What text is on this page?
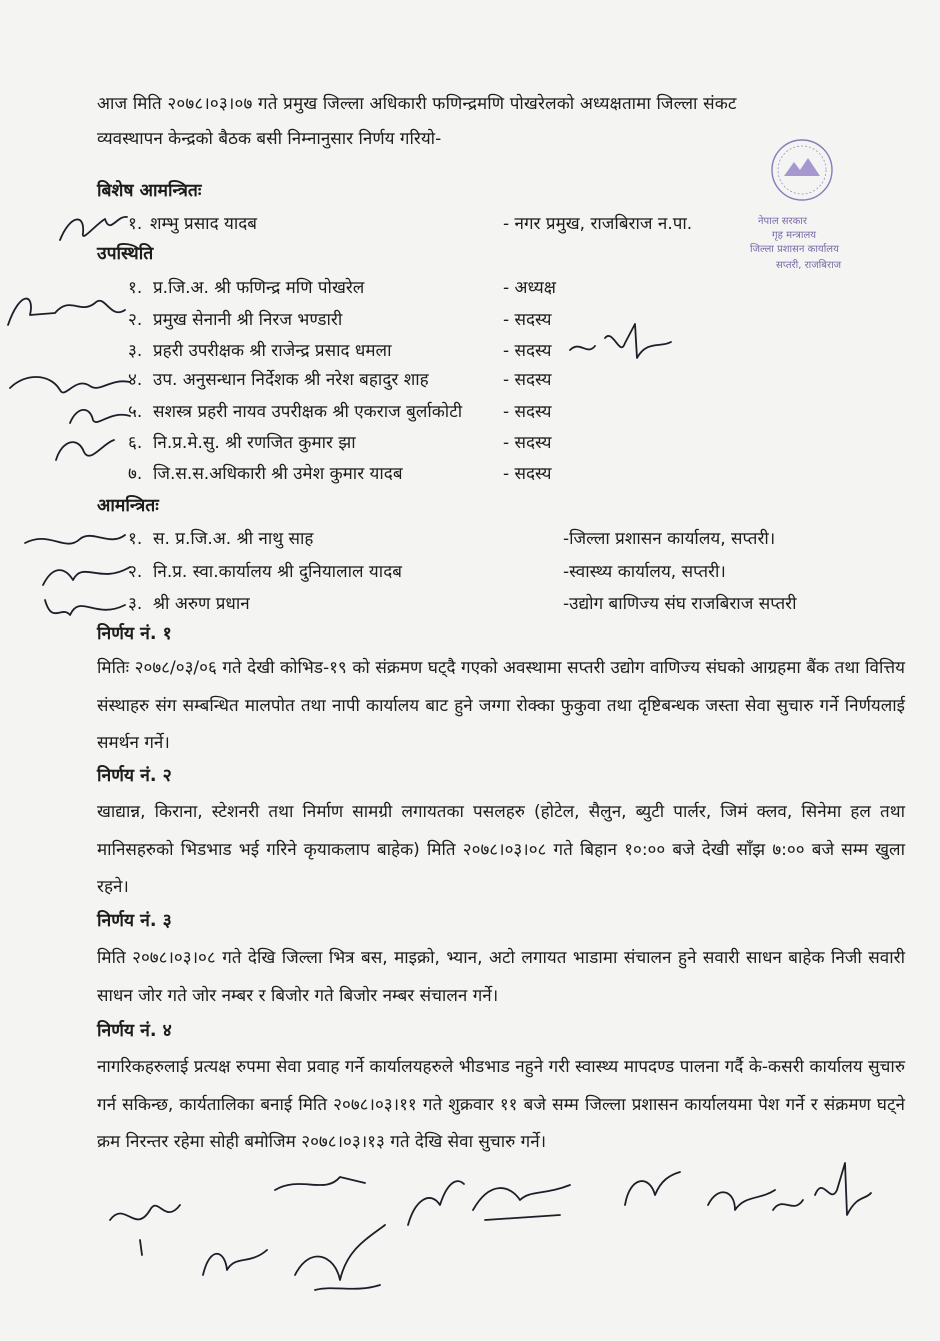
आज मिति २०७८।०३।०७ गते प्रमुख जिल्ला अधिकारी फणिन्द्रमणि पोखरेलको अध्यक्षतामा जिल्ला संकट
व्यवस्थापन केन्द्रको बैठक बसी निम्नानुसार निर्णय गरियो-
नेपाल सरकार
गृह मन्त्रालय
जिल्ला प्रशासन कार्यालय
सप्तरी, राजबिराज
बिशेष आमन्त्रितः
१. शम्भु प्रसाद यादब	- नगर प्रमुख, राजबिराज न.पा.
उपस्थिति
१. प्र.जि.अ. श्री फणिन्द्र मणि पोखरेल	- अध्यक्ष
२. प्रमुख सेनानी श्री निरज भण्डारी	- सदस्य
३. प्रहरी उपरीक्षक श्री राजेन्द्र प्रसाद धमला	- सदस्य
४. उप. अनुसन्धान निर्देशक श्री नरेश बहादुर शाह	- सदस्य
५. सशस्त्र प्रहरी नायव उपरीक्षक श्री एकराज बुर्लाकोटी - सदस्य
६. नि.प्र.मे.सु. श्री रणजित कुमार झा	- सदस्य
७. जि.स.स.अधिकारी श्री उमेश कुमार यादब	- सदस्य
आमन्त्रितः
१. स. प्र.जि.अ. श्री नाथु साह	-जिल्ला प्रशासन कार्यालय, सप्तरी।
२. नि.प्र. स्वा.कार्यालय श्री दुनियालाल यादब	-स्वास्थ्य कार्यालय, सप्तरी।
३. श्री अरुण प्रधान	-उद्योग बाणिज्य संघ राजबिराज सप्तरी
निर्णय नं. १
मितिः २०७८/०३/०६ गते देखी कोभिड-१९ को संक्रमण घट्दै गएको अवस्थामा सप्तरी उद्योग वाणिज्य संघको आग्रहमा बैंक तथा वित्तिय संस्थाहरु संग सम्बन्धित मालपोत तथा नापी कार्यालय बाट हुने जग्गा रोक्का फुकुवा तथा दृष्टिबन्धक जस्ता सेवा सुचारु गर्ने निर्णयलाई समर्थन गर्ने।
निर्णय नं. २
खाद्यान्न, किराना, स्टेशनरी तथा निर्माण सामग्री लगायतका पसलहरु (होटेल, सैलुन, ब्युटी पार्लर, जिमं क्लव, सिनेमा हल तथा मानिसहरुको भिडभाड भई गरिने कृयाकलाप बाहेक) मिति २०७८।०३।०८ गते बिहान १०:०० बजे देखी साँझ ७:०० बजे सम्म खुला रहने।
निर्णय नं. ३
मिति २०७८।०३।०८ गते देखि जिल्ला भित्र बस, माइक्रो, भ्यान, अटो लगायत भाडामा संचालन हुने सवारी साधन बाहेक निजी सवारी साधन जोर गते जोर नम्बर र बिजोर गते बिजोर नम्बर संचालन गर्ने।
निर्णय नं. ४
नागरिकहरुलाई प्रत्यक्ष रुपमा सेवा प्रवाह गर्ने कार्यालयहरुले भीडभाड नहुने गरी स्वास्थ्य मापदण्ड पालना गर्दै के-कसरी कार्यालय सुचारु गर्न सकिन्छ, कार्यतालिका बनाई मिति २०७८।०३।११ गते शुक्रवार ११ बजे सम्म जिल्ला प्रशासन कार्यालयमा पेश गर्ने र संक्रमण घट्ने क्रम निरन्तर रहेमा सोही बमोजिम २०७८।०३।१३ गते देखि सेवा सुचारु गर्ने।
